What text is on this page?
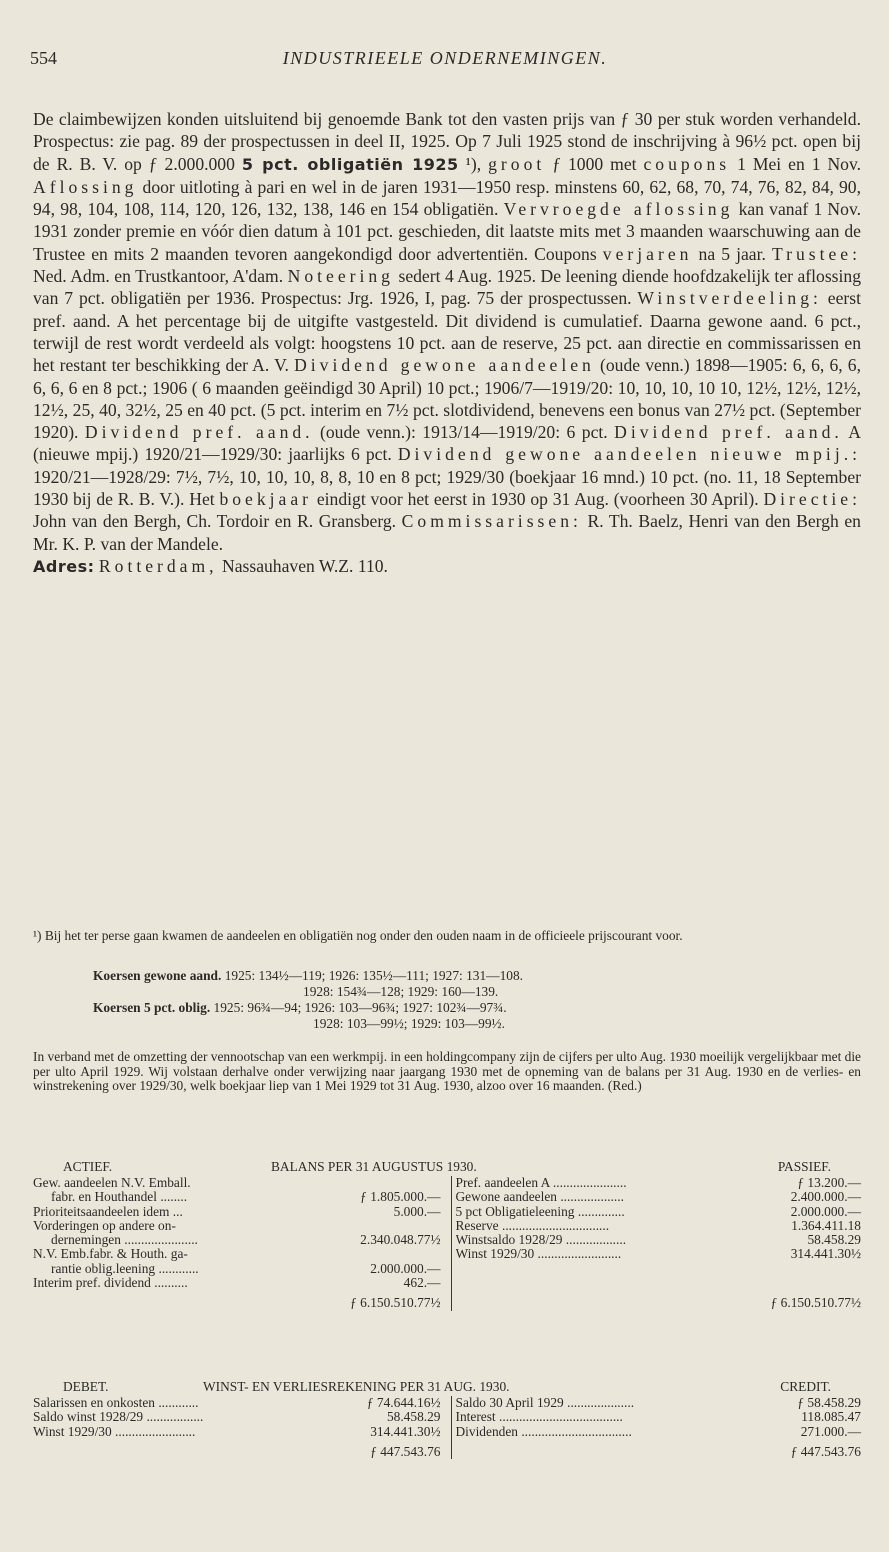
554	INDUSTRIEELE ONDERNEMINGEN.

De claimbewijzen konden uitsluitend bij genoemde Bank tot den vasten prijs van ƒ 30 per stuk worden verhandeld. Prospectus: zie pag. 89 der prospectussen in deel II, 1925. Op 7 Juli 1925 stond de inschrijving à 96½ pct. open bij de R. B. V. op ƒ 2.000.000 5 pct. obligatiën 1925 ¹), groot ƒ 1000 met coupons 1 Mei en 1 Nov. Aflossing door uitloting à pari en wel in de jaren 1931—1950 resp. minstens 60, 62, 68, 70, 74, 76, 82, 84, 90, 94, 98, 104, 108, 114, 120, 126, 132, 138, 146 en 154 obligatiën. Vervroegde aflossing kan vanaf 1 Nov. 1931 zonder premie en vóór dien datum à 101 pct. geschieden, dit laatste mits met 3 maanden waarschuwing aan de Trustee en mits 2 maanden tevoren aangekondigd door advertentiën. Coupons verjaren na 5 jaar. Trustee: Ned. Adm. en Trustkantoor, A'dam. Noteering sedert 4 Aug. 1925. De leening diende hoofdzakelijk ter aflossing van 7 pct. obligatiën per 1936. Prospectus: Jrg. 1926, I, pag. 75 der prospectussen. Winstverdeeling: eerst pref. aand. A het percentage bij de uitgifte vastgesteld. Dit dividend is cumulatief. Daarna gewone aand. 6 pct., terwijl de rest wordt verdeeld als volgt: hoogstens 10 pct. aan de reserve, 25 pct. aan directie en commissarissen en het restant ter beschikking der A. V. Dividend gewone aandeelen (oude venn.) 1898—1905: 6, 6, 6, 6, 6, 6, 6 en 8 pct.; 1906 ( 6 maanden geëindigd 30 April) 10 pct.; 1906/7—1919/20: 10, 10, 10, 10 10, 12½, 12½, 12½, 12½, 25, 40, 32½, 25 en 40 pct. (5 pct. interim en 7½ pct. slotdividend, benevens een bonus van 27½ pct. (September 1920). Dividend pref. aand. (oude venn.): 1913/14—1919/20: 6 pct. Dividend pref. aand. A (nieuwe mpij.) 1920/21—1929/30: jaarlijks 6 pct. Dividend gewone aandeelen nieuwe mpij.: 1920/21—1928/29: 7½, 7½, 10, 10, 10, 8, 8, 10 en 8 pct; 1929/30 (boekjaar 16 mnd.) 10 pct. (no. 11, 18 September 1930 bij de R. B. V.). Het boekjaar eindigt voor het eerst in 1930 op 31 Aug. (voorheen 30 April). Directie: John van den Bergh, Ch. Tordoir en R. Gransberg. Commissarissen: R. Th. Baelz, Henri van den Bergh en Mr. K. P. van der Mandele.
Adres: Rotterdam, Nassauhaven W.Z. 110.

¹) Bij het ter perse gaan kwamen de aandeelen en obligatiën nog onder den ouden naam in de officieele prijscourant voor.
Koersen gewone aand. 1925: 134½—119; 1926: 135½—111; 1927: 131—108.
1928: 154¾—128; 1929: 160—139.
Koersen 5 pct. oblig. 1925: 96¾—94; 1926: 103—96¾; 1927: 102¾—97¾.
1928: 103—99½; 1929: 103—99½.
In verband met de omzetting der vennootschap van een werkmpij. in een holdingcompany zijn de cijfers per ulto Aug. 1930 moeilijk vergelijkbaar met die per ulto April 1929. Wij volstaan derhalve onder verwijzing naar jaargang 1930 met de opneming van de balans per 31 Aug. 1930 en de verlies- en winstrekening over 1929/30, welk boekjaar liep van 1 Mei 1929 tot 31 Aug. 1930, alzoo over 16 maanden. (Red.)
ACTIEF.	BALANS PER 31 AUGUSTUS 1930.	PASSIEF.
Gew. aandeelen N.V. Emball.
fabr. en Houthandel ........	ƒ 1.805.000.—
Prioriteitsaandeelen idem ...	5.000.—
Vorderingen op andere on-
dernemingen ......................	2.340.048.77½
N.V. Emb.fabr. & Houth. ga-
rantie oblig.leening ............	2.000.000.—
Interim pref. dividend ..........	462.—
Pref. aandeelen A ......................	ƒ 13.200.—
Gewone aandeelen ...................	2.400.000.—
5 pct Obligatieleening ..............	2.000.000.—
Reserve ................................	1.364.411.18
Winstsaldo 1928/29 ..................	58.458.29
Winst 1929/30 .........................	314.441.30½
ƒ 6.150.510.77½	ƒ 6.150.510.77½
DEBET.	WINST- EN VERLIESREKENING PER 31 AUG. 1930.	CREDIT.
Salarissen en onkosten ............	ƒ 74.644.16½
Saldo winst 1928/29 .................	58.458.29
Winst 1929/30 ........................	314.441.30½
Saldo 30 April 1929 ....................	ƒ 58.458.29
Interest .....................................	118.085.47
Dividenden .................................	271.000.—
ƒ 447.543.76	ƒ 447.543.76
